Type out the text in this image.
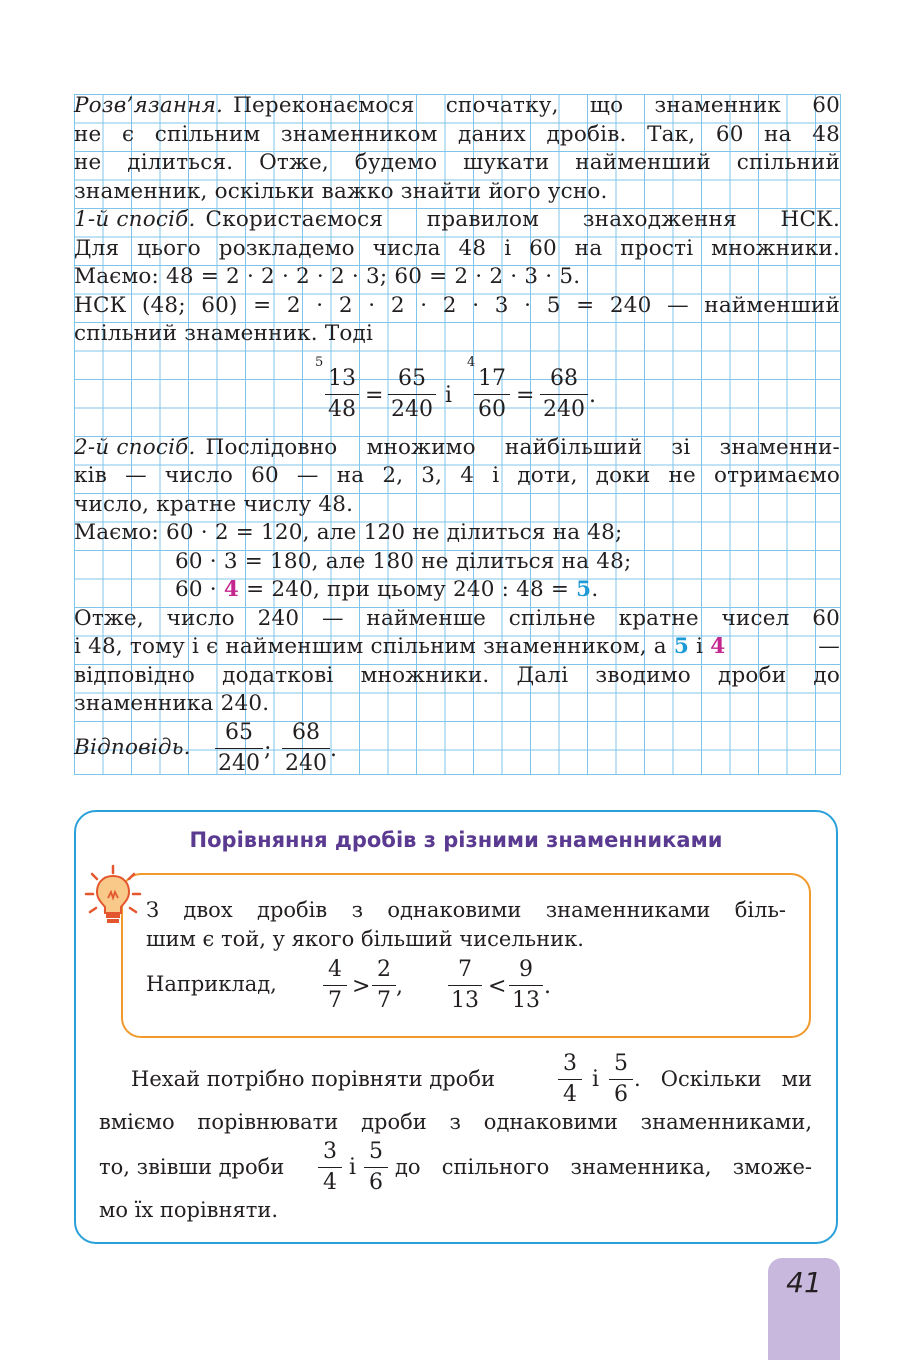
Розв’язання. Переконаємося спочатку, що знаменник 60
не є спільним знаменником даних дробів. Так, 60 на 48
не ділиться. Отже, будемо шукати найменший спільний
знаменник, оскільки важко знайти його усно.
1-й спосіб. Скористаємося правилом знаходження НСК.
Для цього розкладемо числа 48 і 60 на прості множники.
Маємо: 48 = 2 · 2 · 2 · 2 · 3; 60 = 2 · 2 · 3 · 5.
НСК (48; 60) = 2 · 2 · 2 · 2 · 3 · 5 = 240 — найменший
спільний знаменник. Тоді
5
$\frac{13}{48} = \frac{65}{240}$ і
4
$\frac{17}{60} = \frac{68}{240}$ .
2-й спосіб. Послідовно множимо найбільший зі знаменни-
ків — число 60 — на 2, 3, 4 і доти, доки не отримаємо
число, кратне числу 48.
Маємо: 60 · 2 = 120, але 120 не ділиться на 48;
60 · 3 = 180, але 180 не ділиться на 48;
60 · 4 = 240, при цьому 240 : 48 = 5.
Отже, число 240 — найменше спільне кратне чисел 60
і 48, тому і є найменшим спільним знаменником, а 5 і 4	—
відповідно додаткові множники. Далі зводимо дроби до
знаменника 240.
Відповідь.	$\frac{65}{240}$ ; $\frac{68}{240}$ .
Порівняння дробів з різними знаменниками
З двох дробів з однаковими знаменниками біль-
шим є той, у якого більший чисельник.
Наприклад, $\frac{4}{7} > \frac{2}{7}$ , $\frac{7}{13} < \frac{9}{13}$ .
Нехай потрібно порівняти дроби	$\frac{3}{4}$ і $\frac{5}{6}$ . Оскільки ми
вміємо порівнювати дроби з однаковими знаменниками,
то, звівши дроби $\frac{3}{4}$ і $\frac{5}{6}$ до спільного знаменника, зможе-
мо їх порівняти.
41
